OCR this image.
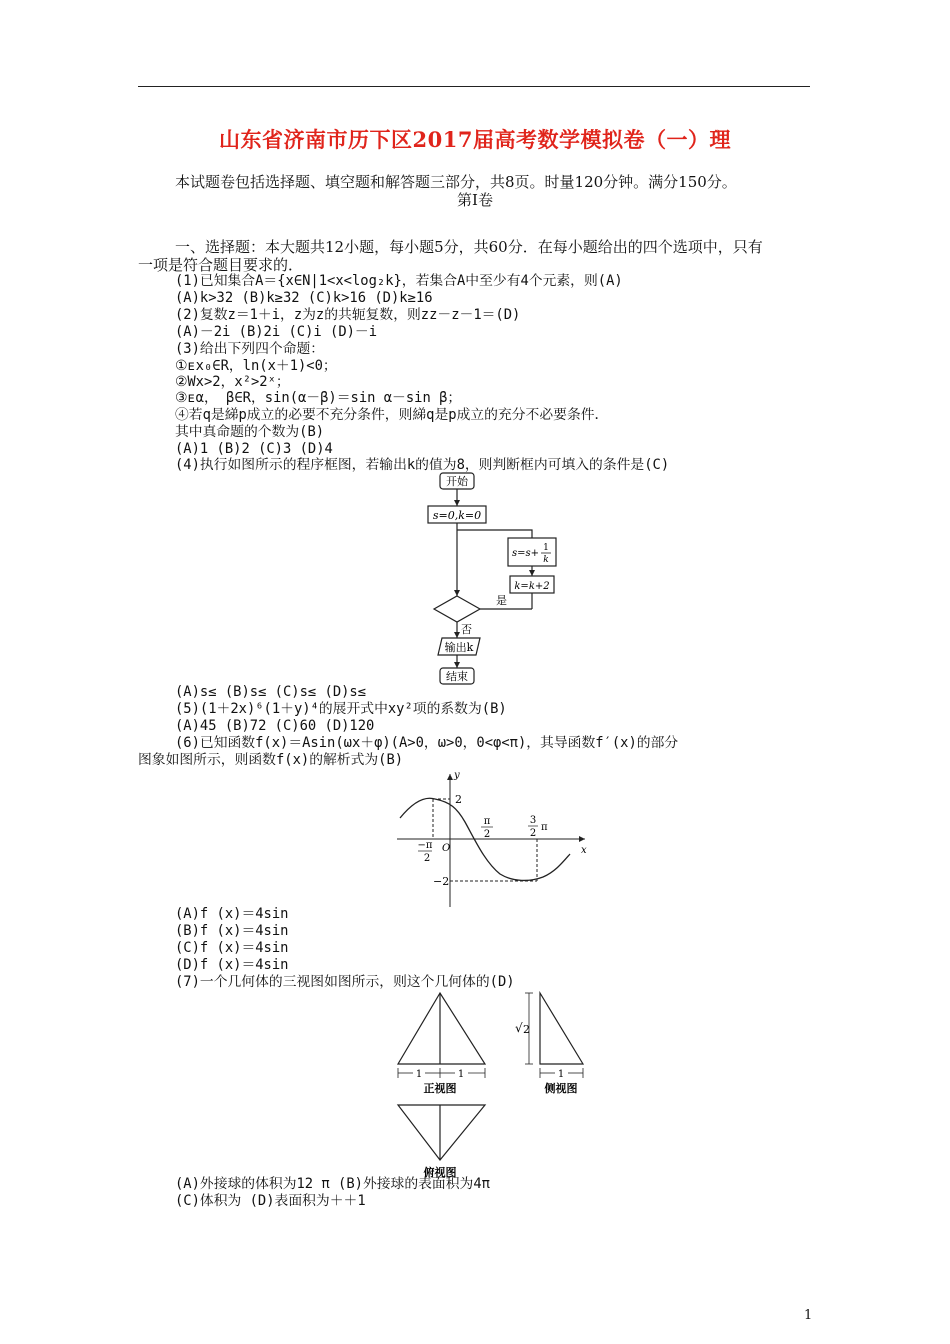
山东省济南市历下区2017届高考数学模拟卷（一）理
本试题卷包括选择题、填空题和解答题三部分，共8页。时量120分钟。满分150分。
第Ⅰ卷
一、选择题：本大题共12小题，每小题5分，共60分．在每小题给出的四个选项中，只有
一项是符合题目要求的．
(1)已知集合A＝{x∈N|1<x<log₂k}，若集合A中至少有4个元素，则(A)
(A)k>32 (B)k≥32 (C)k>16 (D)k≥16
(2)复数z＝1＋i，z为z的共轭复数，则zz－z－1＝(D)
(A)－2i (B)2i (C)i (D)－i
(3)给出下列四个命题：
①ᴇx₀∈R，ln(x＋1)<0；
②Wx>2，x²>2ˣ；
③ᴇα， β∈R，sin(α－β)＝sin α－sin β；
④若q是綈p成立的必要不充分条件，则綈q是p成立的充分不必要条件．
其中真命题的个数为(B)
(A)1 (B)2 (C)3 (D)4
(4)执行如图所示的程序框图，若输出k的值为8，则判断框内可填入的条件是(C)
开始
s=0,k=0
s=s+ 1
k
k=k+2
是
否
输出k
结束
(A)s≤ (B)s≤ (C)s≤ (D)s≤
(5)(1＋2x)⁶(1＋y)⁴的展开式中xy²项的系数为(B)
(A)45 (B)72 (C)60 (D)120
(6)已知函数f(x)＝Asin(ωx＋φ)(A>0，ω>0，0<φ<π)，其导函数f′(x)的部分
图象如图所示，则函数f(x)的解析式为(B)
y
x
O
2
−2
−π
2
π
2
3
2
π
(A)f (x)＝4sin
(B)f (x)＝4sin
(C)f (x)＝4sin
(D)f (x)＝4sin
(7)一个几何体的三视图如图所示，则这个几何体的(D)
1	1	1
√ 2
正视图	侧视图
俯视图
(A)外接球的体积为12 π (B)外接球的表面积为4π
(C)体积为 (D)表面积为＋＋1
1
